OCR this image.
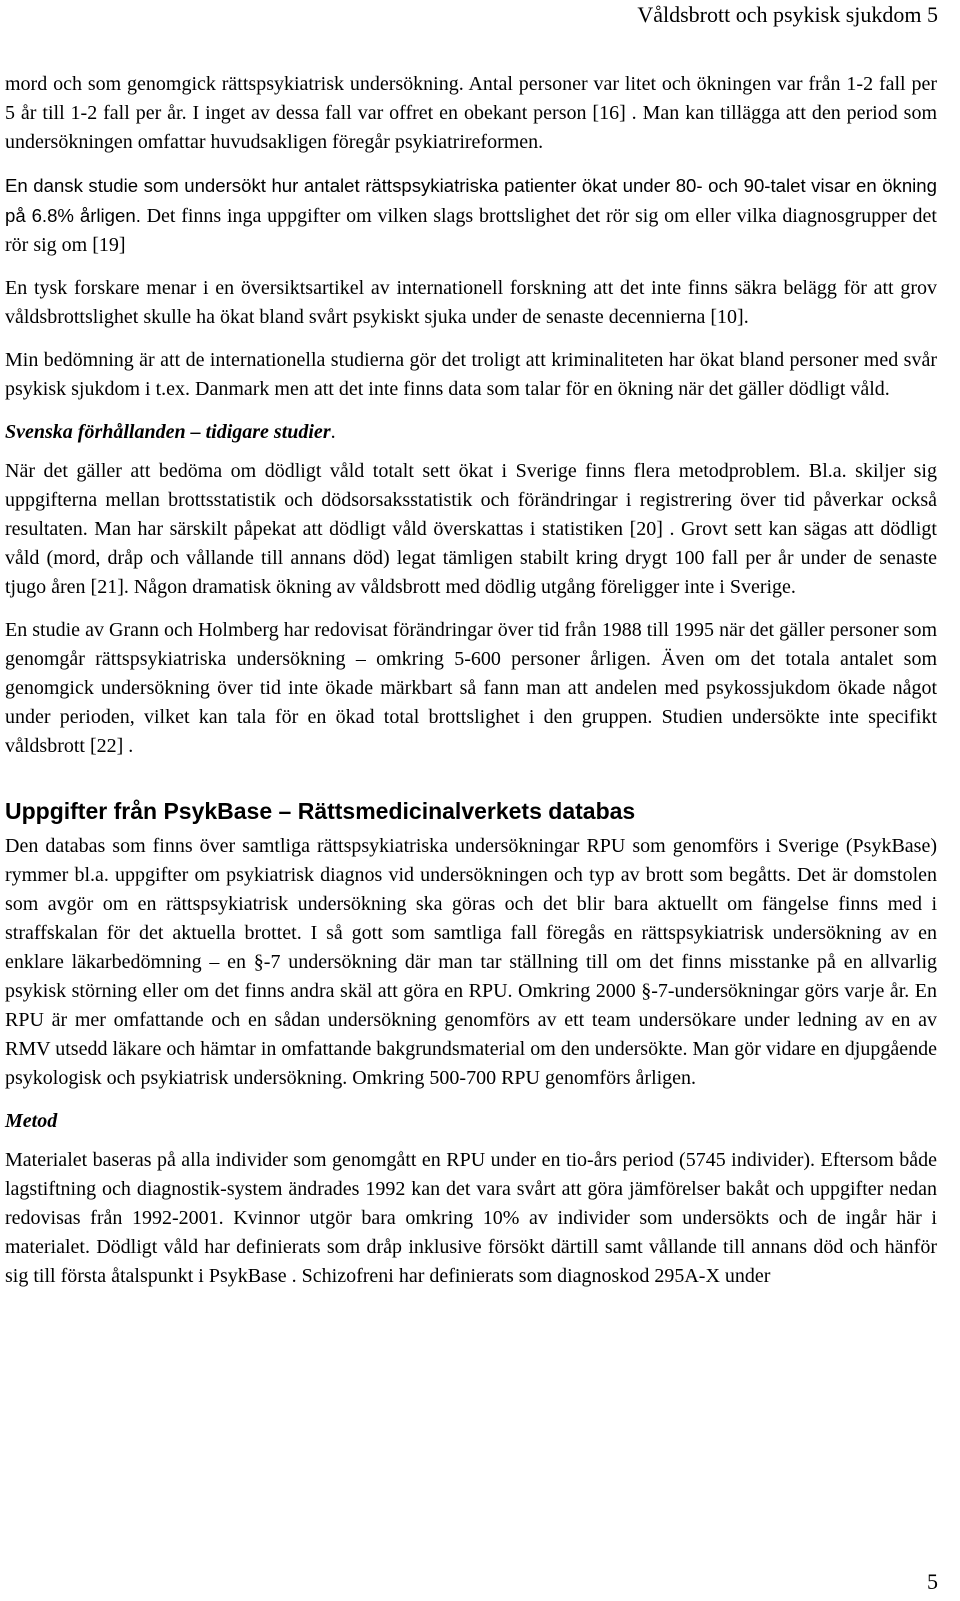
Våldsbrott och psykisk sjukdom 5

mord och som genomgick rättspsykiatrisk undersökning. Antal personer var litet och ökningen var från 1-2 fall per 5 år till 1-2 fall per år. I inget av dessa fall var offret en obekant person [16] . Man kan tillägga att den period som undersökningen omfattar huvudsakligen föregår psykiatrireformen.

En dansk studie som undersökt hur antalet rättspsykiatriska patienter ökat under 80- och 90-talet visar en ökning på 6.8% årligen. Det finns inga uppgifter om vilken slags brottslighet det rör sig om eller vilka diagnosgrupper det rör sig om [19]

En tysk forskare menar i en översiktsartikel av internationell forskning att det inte finns säkra belägg för att grov våldsbrottslighet skulle ha ökat bland svårt psykiskt sjuka under de senaste decennierna [10].

Min bedömning är att de internationella studierna gör det troligt att kriminaliteten har ökat bland personer med svår psykisk sjukdom i t.ex. Danmark men att det inte finns data som talar för en ökning när det gäller dödligt våld.

Svenska förhållanden – tidigare studier.

När det gäller att bedöma om dödligt våld totalt sett ökat i Sverige finns flera metodproblem. Bl.a. skiljer sig uppgifterna mellan brottsstatistik och dödsorsaksstatistik och förändringar i registrering över tid påverkar också resultaten. Man har särskilt påpekat att dödligt våld överskattas i statistiken [20] . Grovt sett kan sägas att dödligt våld (mord, dråp och vållande till annans död) legat tämligen stabilt kring drygt 100 fall per år under de senaste tjugo åren [21]. Någon dramatisk ökning av våldsbrott med dödlig utgång föreligger inte i Sverige.

En studie av Grann och Holmberg har redovisat förändringar över tid från 1988 till 1995 när det gäller personer som genomgår rättspsykiatriska undersökning – omkring 5-600 personer årligen. Även om det totala antalet som genomgick undersökning över tid inte ökade märkbart så fann man att andelen med psykossjukdom ökade något under perioden, vilket kan tala för en ökad total brottslighet i den gruppen. Studien undersökte inte specifikt våldsbrott [22] .

Uppgifter från PsykBase – Rättsmedicinalverkets databas

Den databas som finns över samtliga rättspsykiatriska undersökningar RPU som genomförs i Sverige (PsykBase) rymmer bl.a. uppgifter om psykiatrisk diagnos vid undersökningen och typ av brott som begåtts. Det är domstolen som avgör om en rättspsykiatrisk undersökning ska göras och det blir bara aktuellt om fängelse finns med i straffskalan för det aktuella brottet. I så gott som samtliga fall föregås en rättspsykiatrisk undersökning av en enklare läkarbedömning – en §-7 undersökning där man tar ställning till om det finns misstanke på en allvarlig psykisk störning eller om det finns andra skäl att göra en RPU. Omkring 2000 §-7-undersökningar görs varje år. En RPU är mer omfattande och en sådan undersökning genomförs av ett team undersökare under ledning av en av RMV utsedd läkare och hämtar in omfattande bakgrundsmaterial om den undersökte. Man gör vidare en djupgående psykologisk och psykiatrisk undersökning. Omkring 500-700 RPU genomförs årligen.

Metod

Materialet baseras på alla individer som genomgått en RPU under en tio-års period (5745 individer). Eftersom både lagstiftning och diagnostik-system ändrades 1992 kan det vara svårt att göra jämförelser bakåt och uppgifter nedan redovisas från 1992-2001. Kvinnor utgör bara omkring 10% av individer som undersökts och de ingår här i materialet. Dödligt våld har definierats som dråp inklusive försökt därtill samt vållande till annans död och hänför sig till första åtalspunkt i PsykBase . Schizofreni har definierats som diagnoskod 295A-X under

5
